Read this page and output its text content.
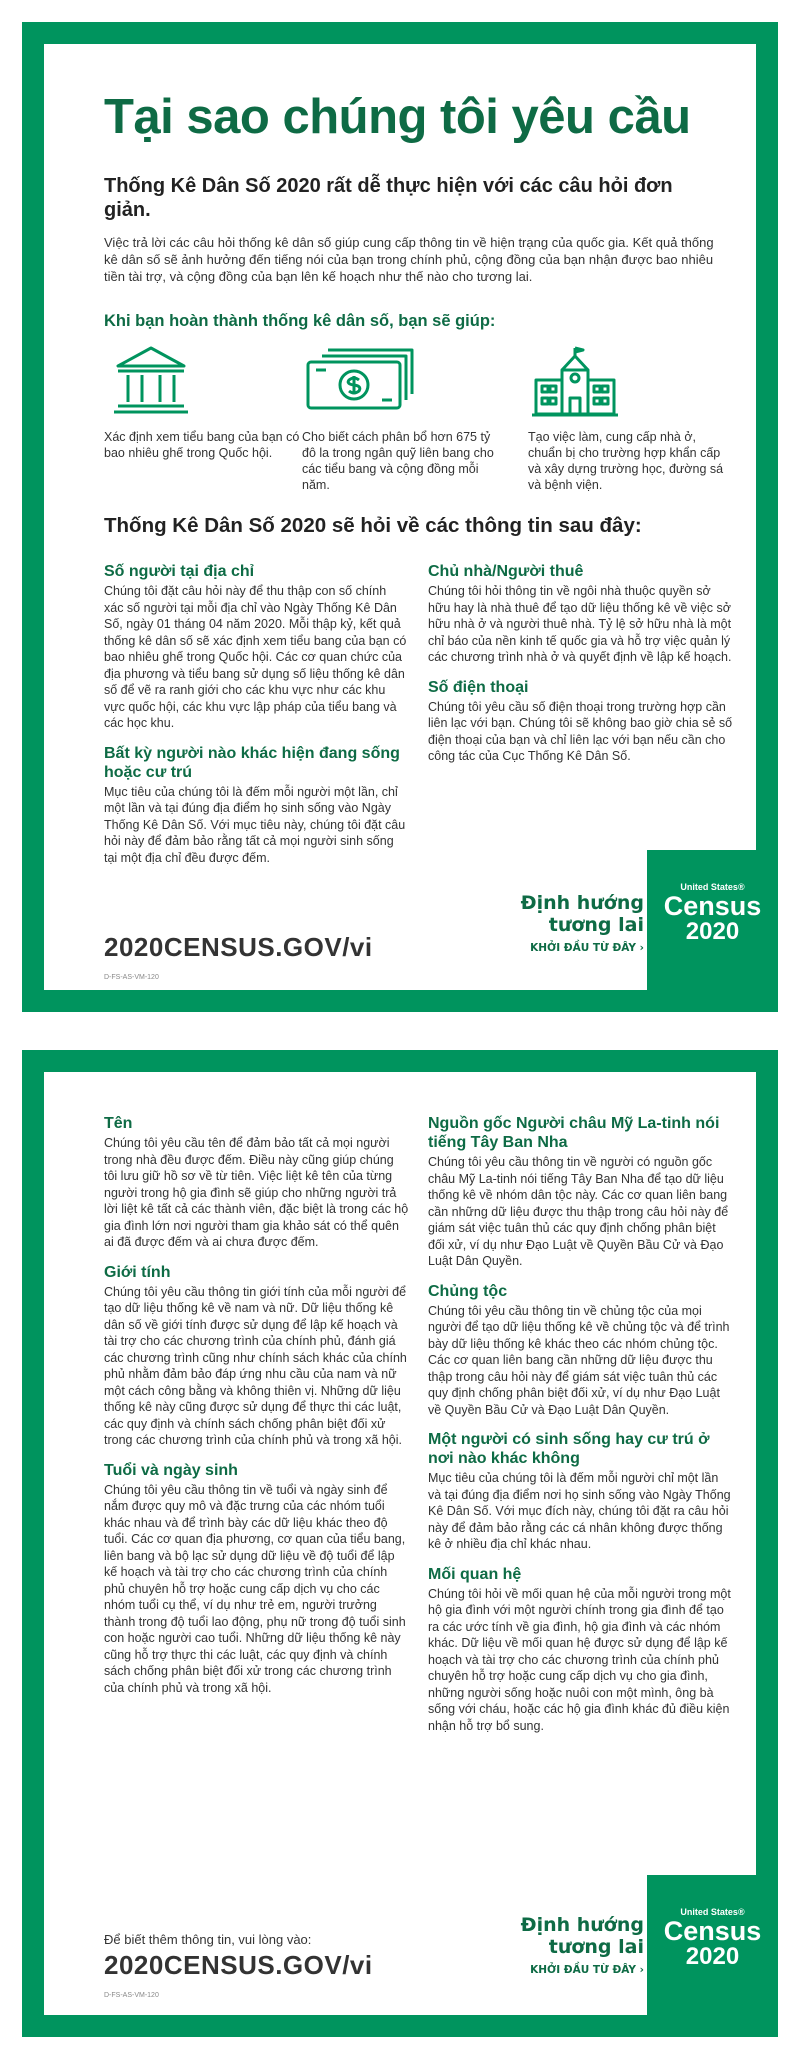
Tại sao chúng tôi yêu cầu
Thống Kê Dân Số 2020 rất dễ thực hiện với các câu hỏi đơn giản.

Việc trả lời các câu hỏi thống kê dân số giúp cung cấp thông tin về hiện trạng của quốc gia. Kết quả thống kê dân số sẽ ảnh hưởng đến tiếng nói của bạn trong chính phủ, cộng đồng của bạn nhận được bao nhiêu tiền tài trợ, và cộng đồng của bạn lên kế hoạch như thế nào cho tương lai.

Khi bạn hoàn thành thống kê dân số, bạn sẽ giúp:

Xác định xem tiểu bang của bạn có bao nhiêu ghế trong Quốc hội.

Cho biết cách phân bổ hơn 675 tỷ đô la trong ngân quỹ liên bang cho các tiểu bang và cộng đồng mỗi năm.

Tạo việc làm, cung cấp nhà ở, chuẩn bị cho trường hợp khẩn cấp và xây dựng trường học, đường sá và bệnh viện.

Thống Kê Dân Số 2020 sẽ hỏi về các thông tin sau đây:
Số người tại địa chỉ

Chúng tôi đặt câu hỏi này để thu thập con số chính xác số người tại mỗi địa chỉ vào Ngày Thống Kê Dân Số, ngày 01 tháng 04 năm 2020. Mỗi thập kỷ, kết quả thống kê dân số sẽ xác định xem tiểu bang của bạn có bao nhiêu ghế trong Quốc hội. Các cơ quan chức của địa phương và tiểu bang sử dụng số liệu thống kê dân số để vẽ ra ranh giới cho các khu vực như các khu vực quốc hội, các khu vực lập pháp của tiểu bang và các học khu.

Bất kỳ người nào khác hiện đang sống hoặc cư trú

Mục tiêu của chúng tôi là đếm mỗi người một lần, chỉ một lần và tại đúng địa điểm họ sinh sống vào Ngày Thống Kê Dân Số. Với mục tiêu này, chúng tôi đặt câu hỏi này để đảm bảo rằng tất cả mọi người sinh sống tại một địa chỉ đều được đếm.

Chủ nhà/Người thuê

Chúng tôi hỏi thông tin về ngôi nhà thuộc quyền sở hữu hay là nhà thuê để tạo dữ liệu thống kê về việc sở hữu nhà ở và người thuê nhà. Tỷ lệ sở hữu nhà là một chỉ báo của nền kinh tế quốc gia và hỗ trợ việc quản lý các chương trình nhà ở và quyết định về lập kế hoạch.

Số điện thoại

Chúng tôi yêu cầu số điện thoại trong trường hợp cần liên lạc với bạn. Chúng tôi sẽ không bao giờ chia sẻ số điện thoại của bạn và chỉ liên lạc với bạn nếu cần cho công tác của Cục Thống Kê Dân Số.

2020CENSUS.GOV/vi

D-FS-AS-VM-120

Định hướng
tương lai
KHỞI ĐẦU TỪ ĐÂY ›
United States®
Census
2020
Tên

Chúng tôi yêu cầu tên để đảm bảo tất cả mọi người trong nhà đều được đếm. Điều này cũng giúp chúng tôi lưu giữ hồ sơ về từ tiên. Việc liệt kê tên của từng người trong hộ gia đình sẽ giúp cho những người trả lời liệt kê tất cả các thành viên, đặc biệt là trong các hộ gia đình lớn nơi người tham gia khảo sát có thể quên ai đã được đếm và ai chưa được đếm.

Giới tính

Chúng tôi yêu cầu thông tin giới tính của mỗi người để tạo dữ liệu thống kê về nam và nữ. Dữ liệu thống kê dân số về giới tính được sử dụng để lập kế hoạch và tài trợ cho các chương trình của chính phủ, đánh giá các chương trình cũng như chính sách khác của chính phủ nhằm đảm bảo đáp ứng nhu cầu của nam và nữ một cách công bằng và không thiên vị. Những dữ liệu thống kê này cũng được sử dụng để thực thi các luật, các quy định và chính sách chống phân biệt đối xử trong các chương trình của chính phủ và trong xã hội.

Tuổi và ngày sinh

Chúng tôi yêu cầu thông tin về tuổi và ngày sinh để nắm được quy mô và đặc trưng của các nhóm tuổi khác nhau và để trình bày các dữ liệu khác theo độ tuổi. Các cơ quan địa phương, cơ quan của tiểu bang, liên bang và bộ lạc sử dụng dữ liệu về độ tuổi để lập kế hoạch và tài trợ cho các chương trình của chính phủ chuyên hỗ trợ hoặc cung cấp dịch vụ cho các nhóm tuổi cụ thể, ví dụ như trẻ em, người trưởng thành trong độ tuổi lao động, phụ nữ trong độ tuổi sinh con hoặc người cao tuổi. Những dữ liệu thống kê này cũng hỗ trợ thực thi các luật, các quy định và chính sách chống phân biệt đối xử trong các chương trình của chính phủ và trong xã hội.

Nguồn gốc Người châu Mỹ La-tinh nói tiếng Tây Ban Nha

Chúng tôi yêu cầu thông tin về người có nguồn gốc châu Mỹ La-tinh nói tiếng Tây Ban Nha để tạo dữ liệu thống kê về nhóm dân tộc này. Các cơ quan liên bang cần những dữ liệu được thu thập trong câu hỏi này để giám sát việc tuân thủ các quy định chống phân biệt đối xử, ví dụ như Đạo Luật về Quyền Bầu Cử và Đạo Luật Dân Quyền.

Chủng tộc

Chúng tôi yêu cầu thông tin về chủng tộc của mọi người để tạo dữ liệu thống kê về chủng tộc và để trình bày dữ liệu thống kê khác theo các nhóm chủng tộc. Các cơ quan liên bang cần những dữ liệu được thu thập trong câu hỏi này để giám sát việc tuân thủ các quy định chống phân biệt đối xử, ví dụ như Đạo Luật về Quyền Bầu Cử và Đạo Luật Dân Quyền.

Một người có sinh sống hay cư trú ở nơi nào khác không

Mục tiêu của chúng tôi là đếm mỗi người chỉ một lần và tại đúng địa điểm nơi họ sinh sống vào Ngày Thống Kê Dân Số. Với mục đích này, chúng tôi đặt ra câu hỏi này để đảm bảo rằng các cá nhân không được thống kê ở nhiều địa chỉ khác nhau.

Mối quan hệ

Chúng tôi hỏi về mối quan hệ của mỗi người trong một hộ gia đình với một người chính trong gia đình để tạo ra các ước tính về gia đình, hộ gia đình và các nhóm khác. Dữ liệu về mối quan hệ được sử dụng để lập kế hoạch và tài trợ cho các chương trình của chính phủ chuyên hỗ trợ hoặc cung cấp dịch vụ cho gia đình, những người sống hoặc nuôi con một mình, ông bà sống với cháu, hoặc các hộ gia đình khác đủ điều kiện nhận hỗ trợ bổ sung.

Để biết thêm thông tin, vui lòng vào:

2020CENSUS.GOV/vi

D-FS-AS-VM-120

Định hướng
tương lai
KHỞI ĐẦU TỪ ĐÂY ›
United States®
Census
2020
